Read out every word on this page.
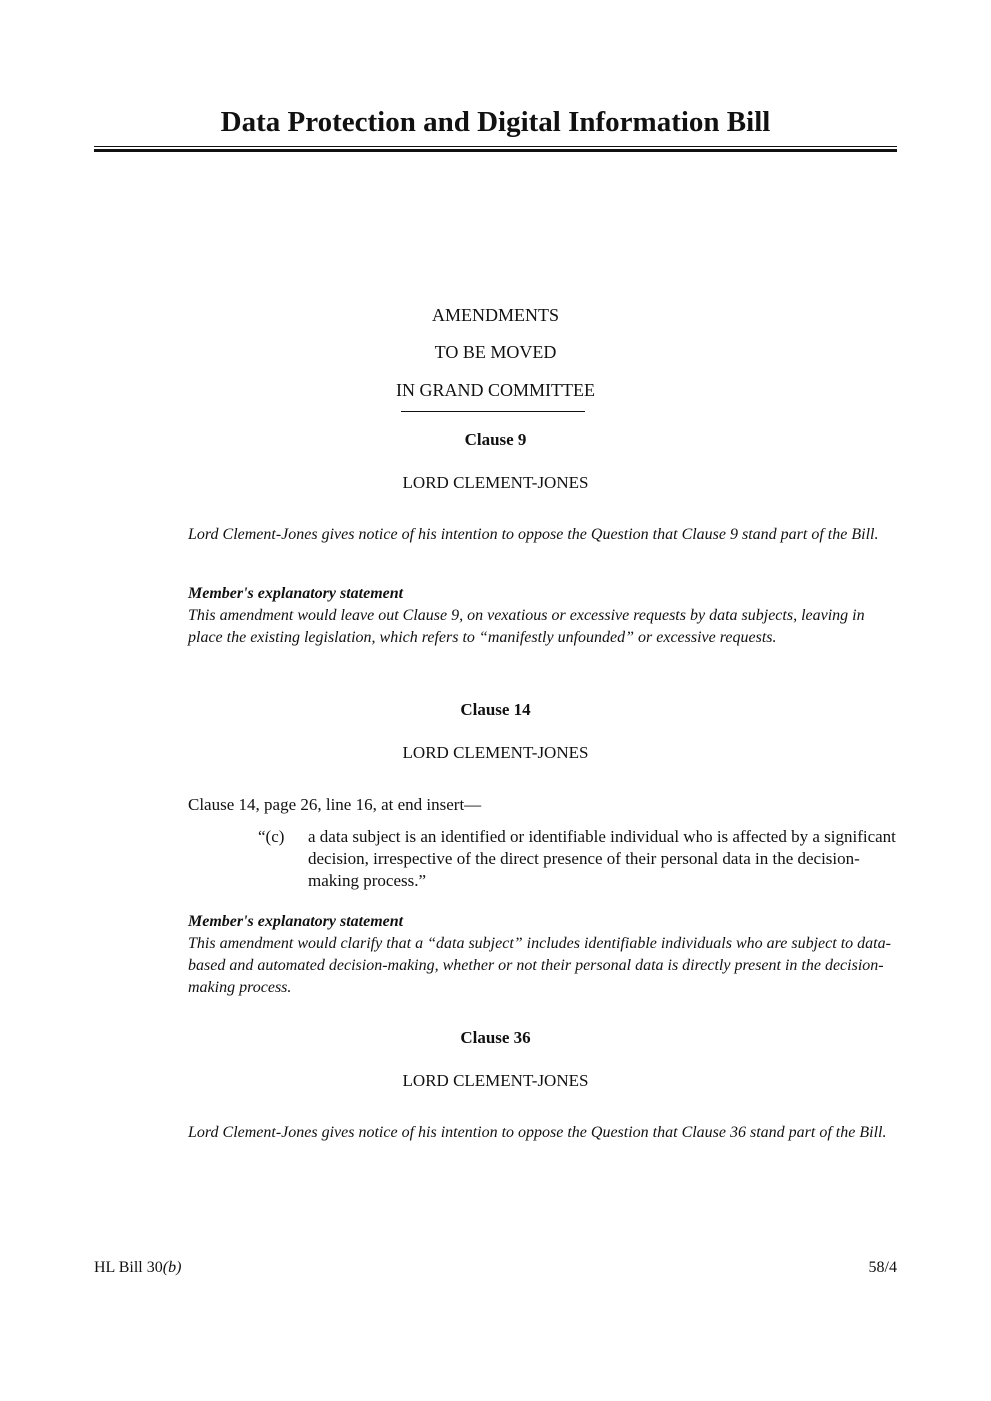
Data Protection and Digital Information Bill
AMENDMENTS
TO BE MOVED
IN GRAND COMMITTEE
Clause 9
LORD CLEMENT-JONES
Lord Clement-Jones gives notice of his intention to oppose the Question that Clause 9 stand part of the Bill.
Member's explanatory statement
This amendment would leave out Clause 9, on vexatious or excessive requests by data subjects, leaving in place the existing legislation, which refers to “manifestly unfounded” or excessive requests.
Clause 14
LORD CLEMENT-JONES
Clause 14, page 26, line 16, at end insert—
“(c) a data subject is an identified or identifiable individual who is affected by a significant decision, irrespective of the direct presence of their personal data in the decision-making process.”
Member's explanatory statement
This amendment would clarify that a “data subject” includes identifiable individuals who are subject to data-based and automated decision-making, whether or not their personal data is directly present in the decision-making process.
Clause 36
LORD CLEMENT-JONES
Lord Clement-Jones gives notice of his intention to oppose the Question that Clause 36 stand part of the Bill.
HL Bill 30(b)	58/4
